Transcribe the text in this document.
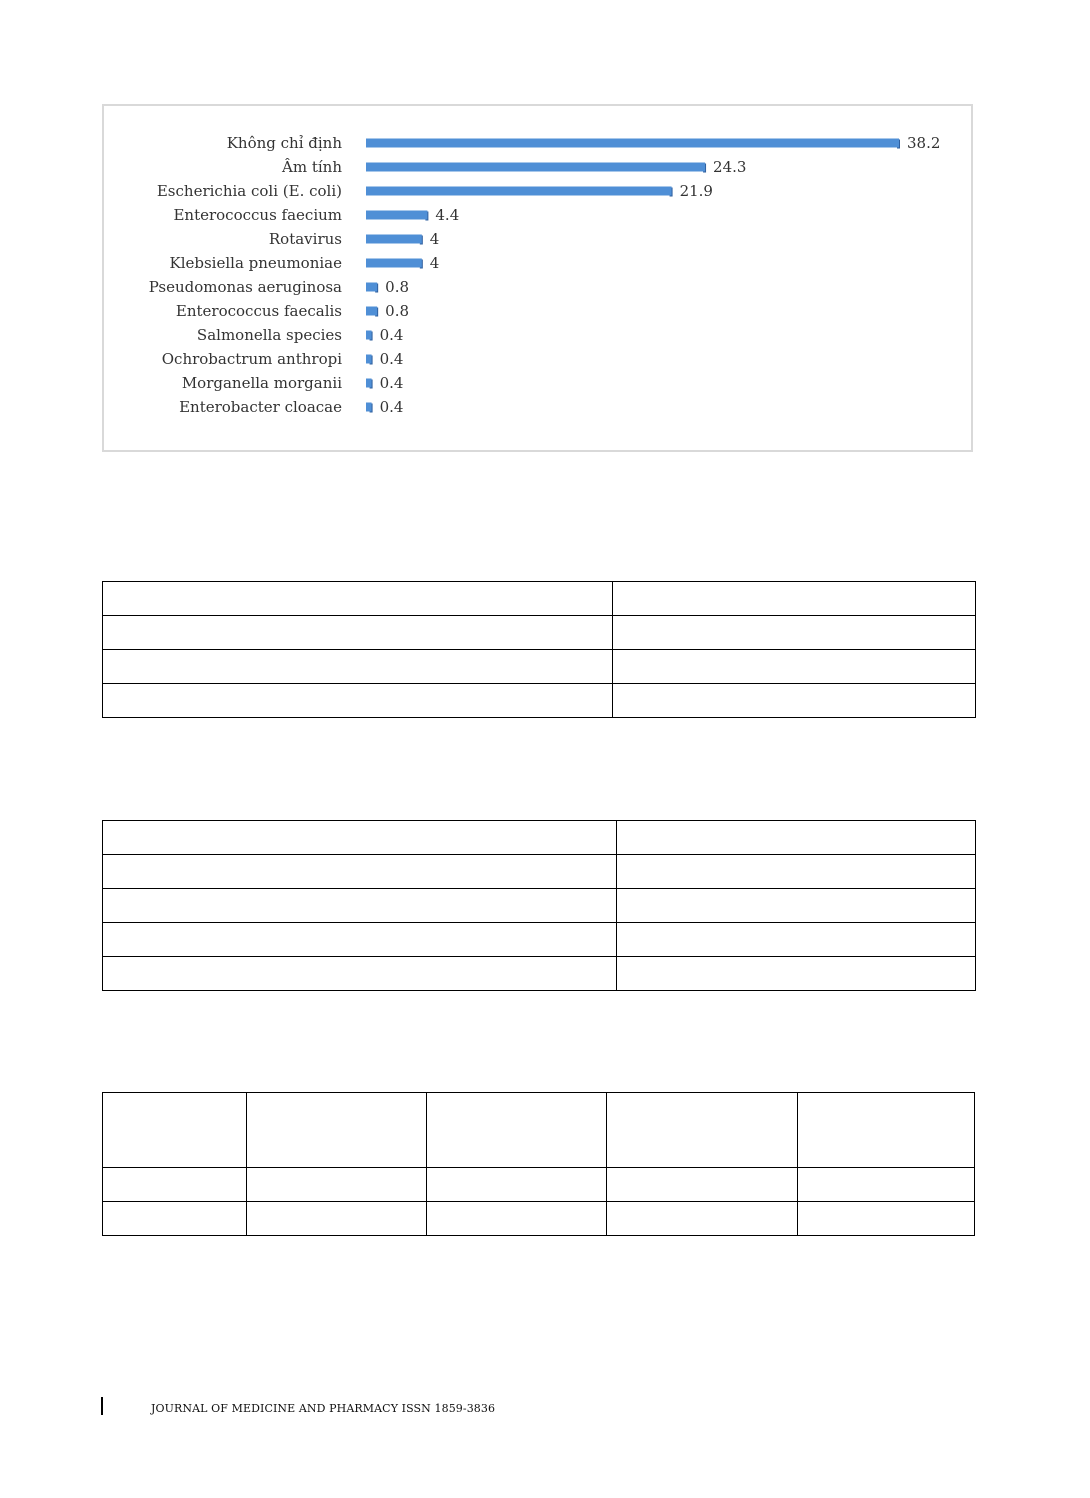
Không chỉ định	38.2
Âm tính	24.3
Escherichia coli (E. coli)	21.9
Enterococcus faecium	4.4
Rotavirus	4
Klebsiella pneumoniae	4
Pseudomonas aeruginosa	0.8
Enterococcus faecalis	0.8
Salmonella species	0.4
Ochrobactrum anthropi	0.4
Morganella morganii	0.4
Enterobacter cloacae	0.4

JOURNAL OF MEDICINE AND PHARMACY ISSN 1859-3836
